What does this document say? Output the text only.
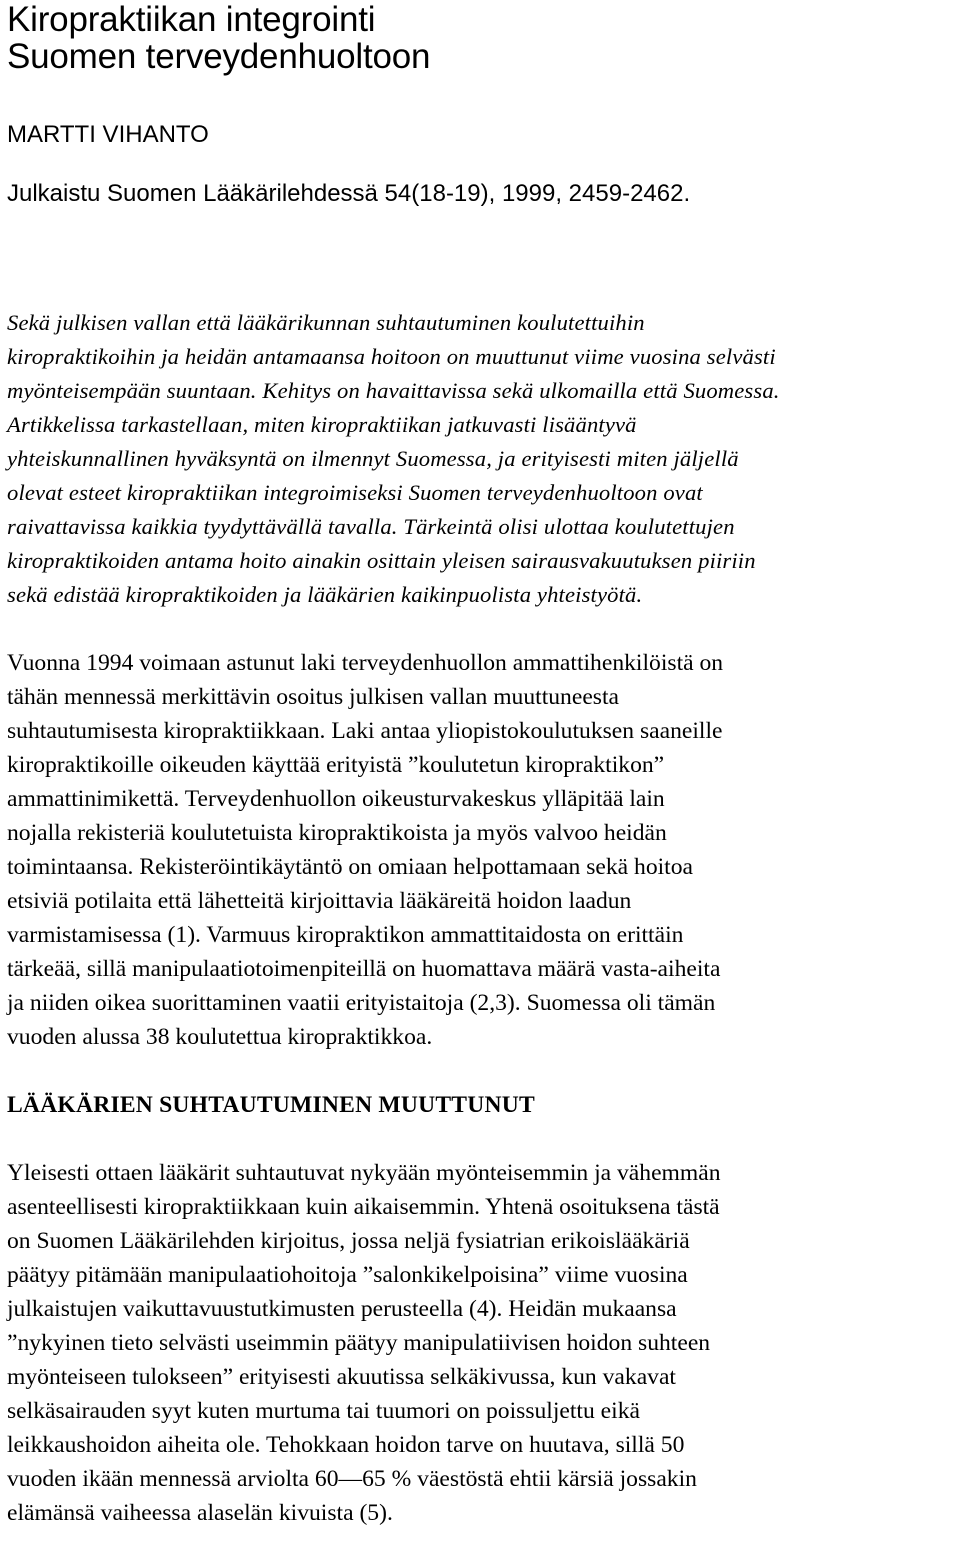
Kiropraktiikan integrointi
Suomen terveydenhuoltoon

MARTTI VIHANTO

Julkaistu Suomen Lääkärilehdessä 54(18-19), 1999, 2459-2462.

Sekä julkisen vallan että lääkärikunnan suhtautuminen koulutettuihin
kiropraktikoihin ja heidän antamaansa hoitoon on muuttunut viime vuosina selvästi
myönteisempään suuntaan. Kehitys on havaittavissa sekä ulkomailla että Suomessa.
Artikkelissa tarkastellaan, miten kiropraktiikan jatkuvasti lisääntyvä
yhteiskunnallinen hyväksyntä on ilmennyt Suomessa, ja erityisesti miten jäljellä
olevat esteet kiropraktiikan integroimiseksi Suomen terveydenhuoltoon ovat
raivattavissa kaikkia tyydyttävällä tavalla. Tärkeintä olisi ulottaa koulutettujen
kiropraktikoiden antama hoito ainakin osittain yleisen sairausvakuutuksen piiriin
sekä edistää kiropraktikoiden ja lääkärien kaikinpuolista yhteistyötä.

Vuonna 1994 voimaan astunut laki terveydenhuollon ammattihenkilöistä on
tähän mennessä merkittävin osoitus julkisen vallan muuttuneesta
suhtautumisesta kiropraktiikkaan. Laki antaa yliopistokoulutuksen saaneille
kiropraktikoille oikeuden käyttää erityistä ”koulutetun kiropraktikon”
ammattinimikettä. Terveydenhuollon oikeusturvakeskus ylläpitää lain
nojalla rekisteriä koulutetuista kiropraktikoista ja myös valvoo heidän
toimintaansa. Rekisteröintikäytäntö on omiaan helpottamaan sekä hoitoa
etsiviä potilaita että lähetteitä kirjoittavia lääkäreitä hoidon laadun
varmistamisessa (1). Varmuus kiropraktikon ammattitaidosta on erittäin
tärkeää, sillä manipulaatiotoimenpiteillä on huomattava määrä vasta-aiheita
ja niiden oikea suorittaminen vaatii erityistaitoja (2,3). Suomessa oli tämän
vuoden alussa 38 koulutettua kiropraktikkoa.

LÄÄKÄRIEN SUHTAUTUMINEN MUUTTUNUT

Yleisesti ottaen lääkärit suhtautuvat nykyään myönteisemmin ja vähemmän
asenteellisesti kiropraktiikkaan kuin aikaisemmin. Yhtenä osoituksena tästä
on Suomen Lääkärilehden kirjoitus, jossa neljä fysiatrian erikoislääkäriä
päätyy pitämään manipulaatiohoitoja ”salonkikelpoisina” viime vuosina
julkaistujen vaikuttavuustutkimusten perusteella (4). Heidän mukaansa
”nykyinen tieto selvästi useimmin päätyy manipulatiivisen hoidon suhteen
myönteiseen tulokseen” erityisesti akuutissa selkäkivussa, kun vakavat
selkäsairauden syyt kuten murtuma tai tuumori on poissuljettu eikä
leikkaushoidon aiheita ole. Tehokkaan hoidon tarve on huutava, sillä 50
vuoden ikään mennessä arviolta 60—65 % väestöstä ehtii kärsiä jossakin
elämänsä vaiheessa alaselän kivuista (5).
